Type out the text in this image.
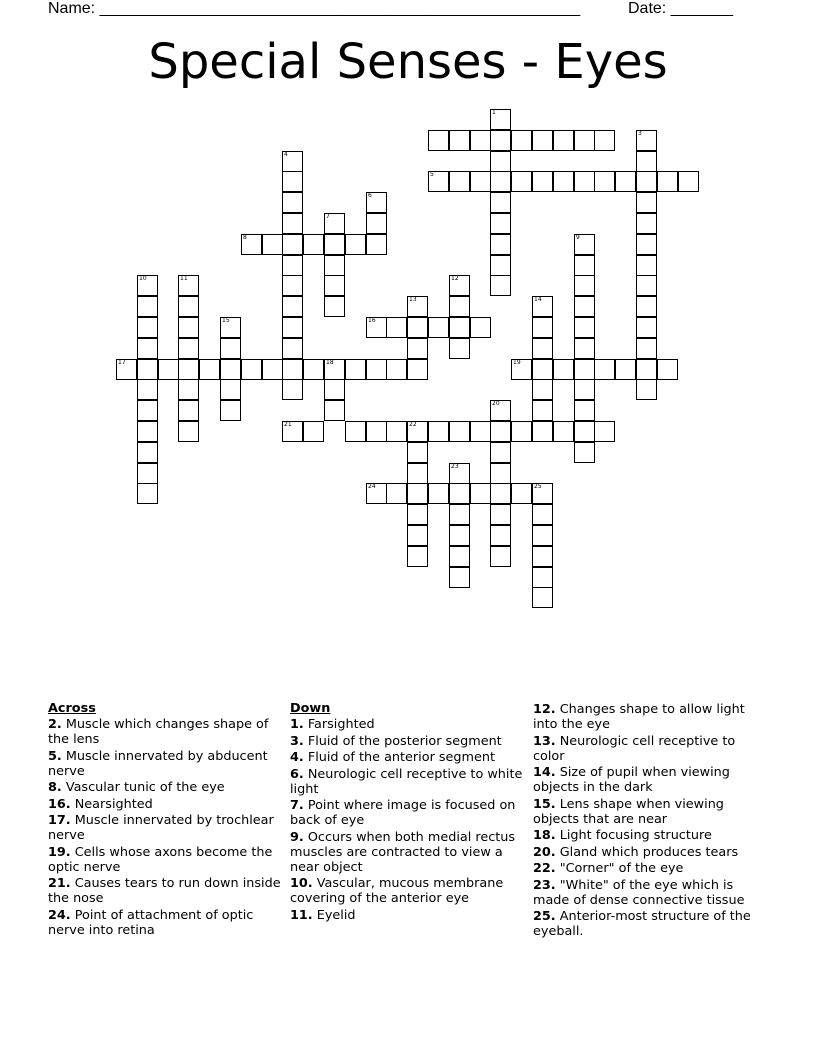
Name: ______________________________________________________	Date: _______
Special Senses - Eyes
1
3
4
5
6
7
8	9
10	11	12
13	14
15	16
17	18	19
20
21	22
23
24	25
Across
2. Muscle which changes shape of the lens
5. Muscle innervated by abducent nerve
8. Vascular tunic of the eye
16. Nearsighted
17. Muscle innervated by trochlear nerve
19. Cells whose axons become the optic nerve
21. Causes tears to run down inside the nose
24. Point of attachment of optic nerve into retina
Down
1. Farsighted
3. Fluid of the posterior segment
4. Fluid of the anterior segment
6. Neurologic cell receptive to white light
7. Point where image is focused on back of eye
9. Occurs when both medial rectus muscles are contracted to view a near object
10. Vascular, mucous membrane covering of the anterior eye
11. Eyelid
12. Changes shape to allow light into the eye
13. Neurologic cell receptive to color
14. Size of pupil when viewing objects in the dark
15. Lens shape when viewing objects that are near
18. Light focusing structure
20. Gland which produces tears
22. "Corner" of the eye
23. "White" of the eye which is made of dense connective tissue
25. Anterior-most structure of the eyeball.
